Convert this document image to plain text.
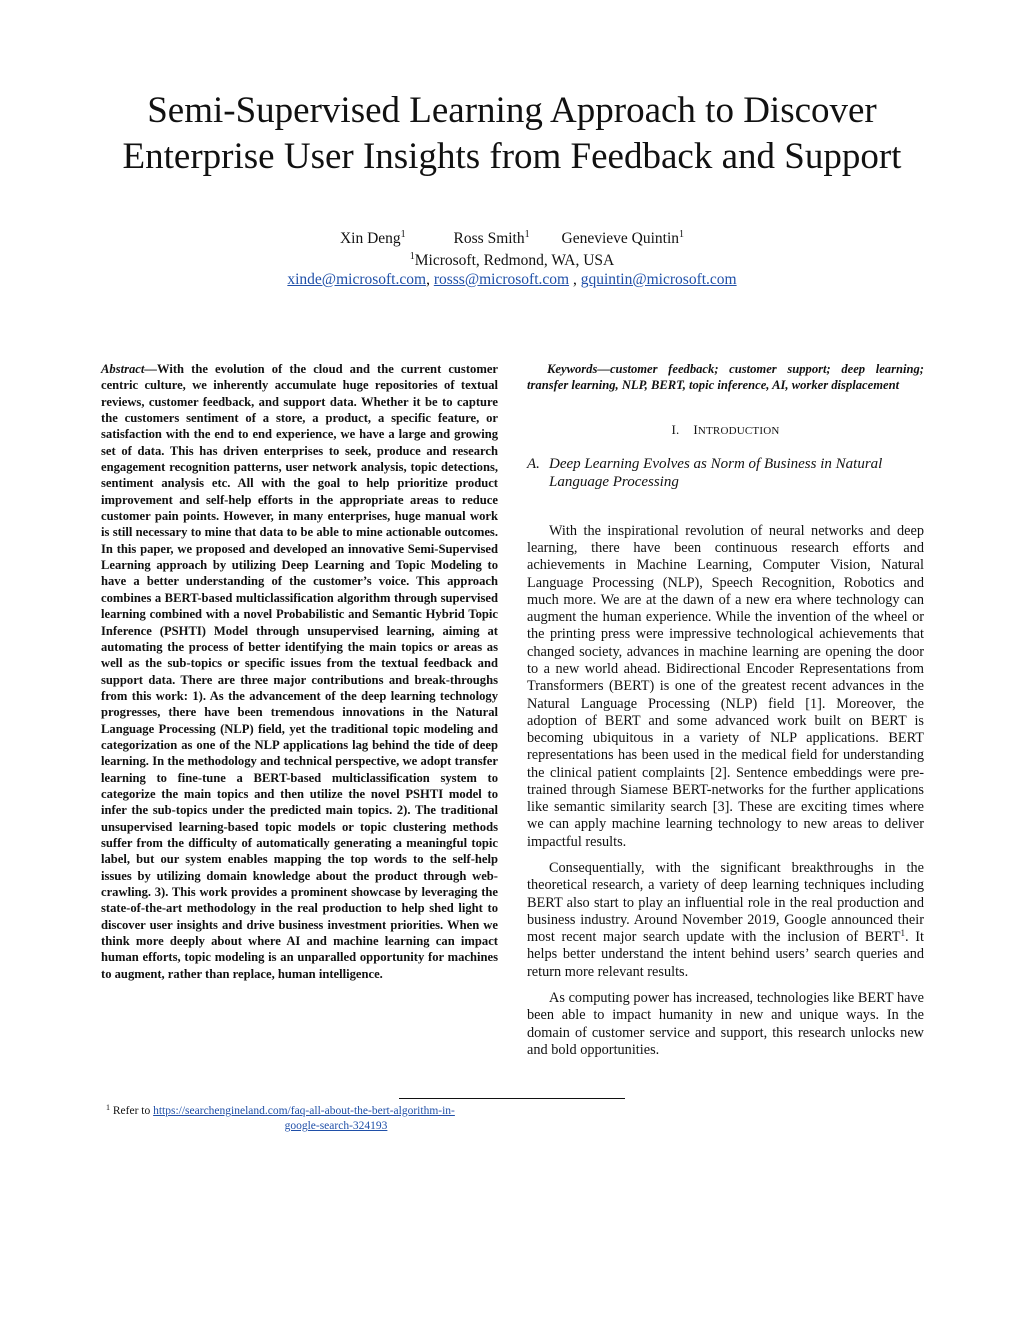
Semi-Supervised Learning Approach to Discover
Enterprise User Insights from Feedback and Support
Xin Deng$^1$	Ross Smith$^1$ Genevieve Quintin$^1$
$^1$Microsoft, Redmond, WA, USA
xinde@microsoft.com, rosss@microsoft.com , gquintin@microsoft.com

Abstract—With the evolution of the cloud and the current customer centric culture, we inherently accumulate huge repositories of textual reviews, customer feedback, and support data. Whether it be to capture the customers sentiment of a store, a product, a specific feature, or satisfaction with the end to end experience, we have a large and growing set of data. This has driven enterprises to seek, produce and research engagement recognition patterns, user network analysis, topic detections, sentiment analysis etc. All with the goal to help prioritize product improvement and self-help efforts in the appropriate areas to reduce customer pain points. However, in many enterprises, huge manual work is still necessary to mine that data to be able to mine actionable outcomes. In this paper, we proposed and developed an innovative Semi-Supervised Learning approach by utilizing Deep Learning and Topic Modeling to have a better understanding of the customer’s voice. This approach combines a BERT-based multiclassification algorithm through supervised learning combined with a novel Probabilistic and Semantic Hybrid Topic Inference (PSHTI) Model through unsupervised learning, aiming at automating the process of better identifying the main topics or areas as well as the sub-topics or specific issues from the textual feedback and support data. There are three major contributions and break-throughs from this work: 1). As the advancement of the deep learning technology progresses, there have been tremendous innovations in the Natural Language Processing (NLP) field, yet the traditional topic modeling and categorization as one of the NLP applications lag behind the tide of deep learning. In the methodology and technical perspective, we adopt transfer learning to fine-tune a BERT-based multiclassification system to categorize the main topics and then utilize the novel PSHTI model to infer the sub-topics under the predicted main topics. 2). The traditional unsupervised learning-based topic models or topic clustering methods suffer from the difficulty of automatically generating a meaningful topic label, but our system enables mapping the top words to the self-help issues by utilizing domain knowledge about the product through web-crawling. 3). This work provides a prominent showcase by leveraging the state-of-the-art methodology in the real production to help shed light to discover user insights and drive business investment priorities. When we think more deeply about where AI and machine learning can impact human efforts, topic modeling is an unparalled opportunity for machines to augment, rather than replace, human intelligence.

Keywords—customer feedback; customer support; deep learning; transfer learning, NLP, BERT, topic inference, AI, worker displacement

I. INTRODUCTION
A. Deep Learning Evolves as Norm of Business in Natural Language Processing

With the inspirational revolution of neural networks and deep learning, there have been continuous research efforts and achievements in Machine Learning, Computer Vision, Natural Language Processing (NLP), Speech Recognition, Robotics and much more. We are at the dawn of a new era where technology can augment the human experience. While the invention of the wheel or the printing press were impressive technological achievements that changed society, advances in machine learning are opening the door to a new world ahead. Bidirectional Encoder Representations from Transformers (BERT) is one of the greatest recent advances in the Natural Language Processing (NLP) field [1]. Moreover, the adoption of BERT and some advanced work built on BERT is becoming ubiquitous in a variety of NLP applications. BERT representations has been used in the medical field for understanding the clinical patient complaints [2]. Sentence embeddings were pre-trained through Siamese BERT-networks for the further applications like semantic similarity search [3]. These are exciting times where we can apply machine learning technology to new areas to deliver impactful results.

Consequentially, with the significant breakthroughs in the theoretical research, a variety of deep learning techniques including BERT also start to play an influential role in the real production and business industry. Around November 2019, Google announced their most recent major search update with the inclusion of BERT$^1$. It helps better understand the intent behind users’ search queries and return more relevant results.

As computing power has increased, technologies like BERT have been able to impact humanity in new and unique ways. In the domain of customer service and support, this research unlocks new and bold opportunities.

$^1$ Refer to https://searchengineland.com/faq-all-about-the-bert-algorithm-in-
google-search-324193
